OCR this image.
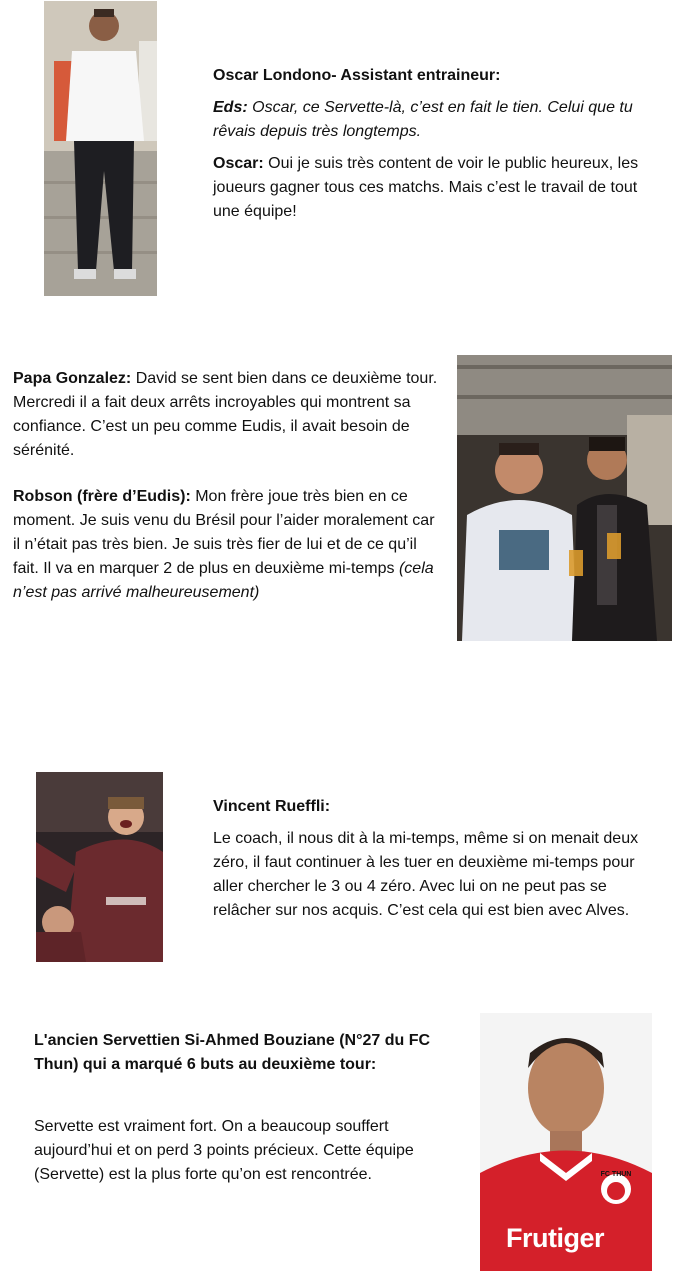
Oscar Londono- Assistant entraineur:

Eds: Oscar, ce Servette-là, c’est en fait le tien. Celui que tu rêvais depuis très longtemps.

Oscar: Oui je suis très content de voir le public heureux, les joueurs gagner tous ces matchs. Mais c’est le travail de tout une équipe!

Papa Gonzalez: David se sent bien dans ce deuxième tour. Mercredi il a fait deux arrêts incroyables qui montrent sa confiance. C’est un peu comme Eudis, il avait besoin de sérénité.

Robson (frère d’Eudis): Mon frère joue très bien en ce moment. Je suis venu du Brésil pour l’aider moralement car il n’était pas très bien. Je suis très fier de lui et de ce qu’il fait. Il va en marquer 2 de plus en deuxième mi-temps (cela n’est pas arrivé malheureusement)

Vincent Rueffli:

Le coach, il nous dit à la mi-temps, même si on menait deux zéro, il faut continuer à les tuer en deuxième mi-temps pour aller chercher le 3 ou 4 zéro. Avec lui on ne peut pas se relâcher sur nos acquis. C’est cela qui est bien avec Alves.

L'ancien Servettien Si-Ahmed Bouziane (N°27 du FC Thun) qui a marqué 6 buts au deuxième tour:

Servette est vraiment fort. On a beaucoup souffert aujourd’hui et on perd 3 points précieux. Cette équipe (Servette) est la plus forte qu’on est rencontrée.	FC THUN
Frutiger
